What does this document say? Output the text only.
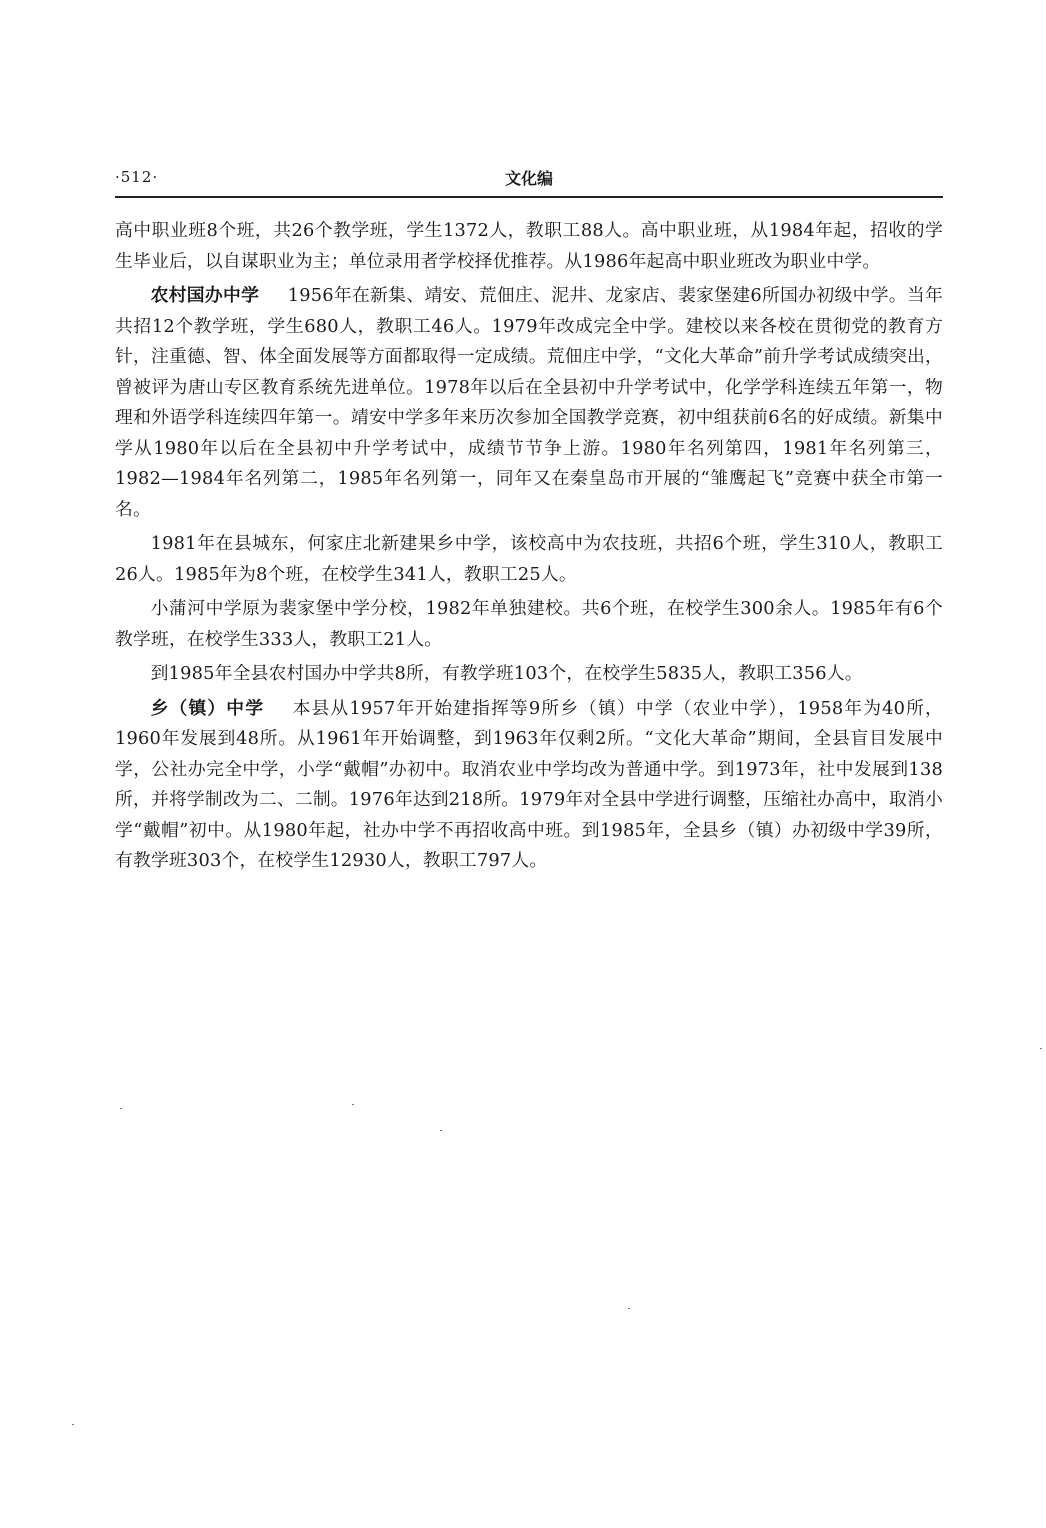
·512·	文化编

高中职业班8个班，共26个教学班，学生1372人，教职工88人。高中职业班，从1984年起，招收的学生毕业后，以自谋职业为主；单位录用者学校择优推荐。从1986年起高中职业班改为职业中学。

农村国办中学 1956年在新集、靖安、荒佃庄、泥井、龙家店、裴家堡建6所国办初级中学。当年共招12个教学班，学生680人，教职工46人。1979年改成完全中学。建校以来各校在贯彻党的教育方针，注重德、智、体全面发展等方面都取得一定成绩。荒佃庄中学，“文化大革命”前升学考试成绩突出，曾被评为唐山专区教育系统先进单位。1978年以后在全县初中升学考试中，化学学科连续五年第一，物理和外语学科连续四年第一。靖安中学多年来历次参加全国教学竞赛，初中组获前6名的好成绩。新集中学从1980年以后在全县初中升学考试中，成绩节节争上游。1980年名列第四，1981年名列第三，1982—1984年名列第二，1985年名列第一，同年又在秦皇岛市开展的“雏鹰起飞”竞赛中获全市第一名。

1981年在县城东，何家庄北新建果乡中学，该校高中为农技班，共招6个班，学生310人，教职工26人。1985年为8个班，在校学生341人，教职工25人。

小蒲河中学原为裴家堡中学分校，1982年单独建校。共6个班，在校学生300余人。1985年有6个教学班，在校学生333人，教职工21人。

到1985年全县农村国办中学共8所，有教学班103个，在校学生5835人，教职工356人。

乡（镇）中学 本县从1957年开始建指挥等9所乡（镇）中学（农业中学），1958年为40所，1960年发展到48所。从1961年开始调整，到1963年仅剩2所。“文化大革命”期间，全县盲目发展中学，公社办完全中学，小学“戴帽”办初中。取消农业中学均改为普通中学。到1973年，社中发展到138所，并将学制改为二、二制。1976年达到218所。1979年对全县中学进行调整，压缩社办高中，取消小学“戴帽”初中。从1980年起，社办中学不再招收高中班。到1985年，全县乡（镇）办初级中学39所，有教学班303个，在校学生12930人，教职工797人。
